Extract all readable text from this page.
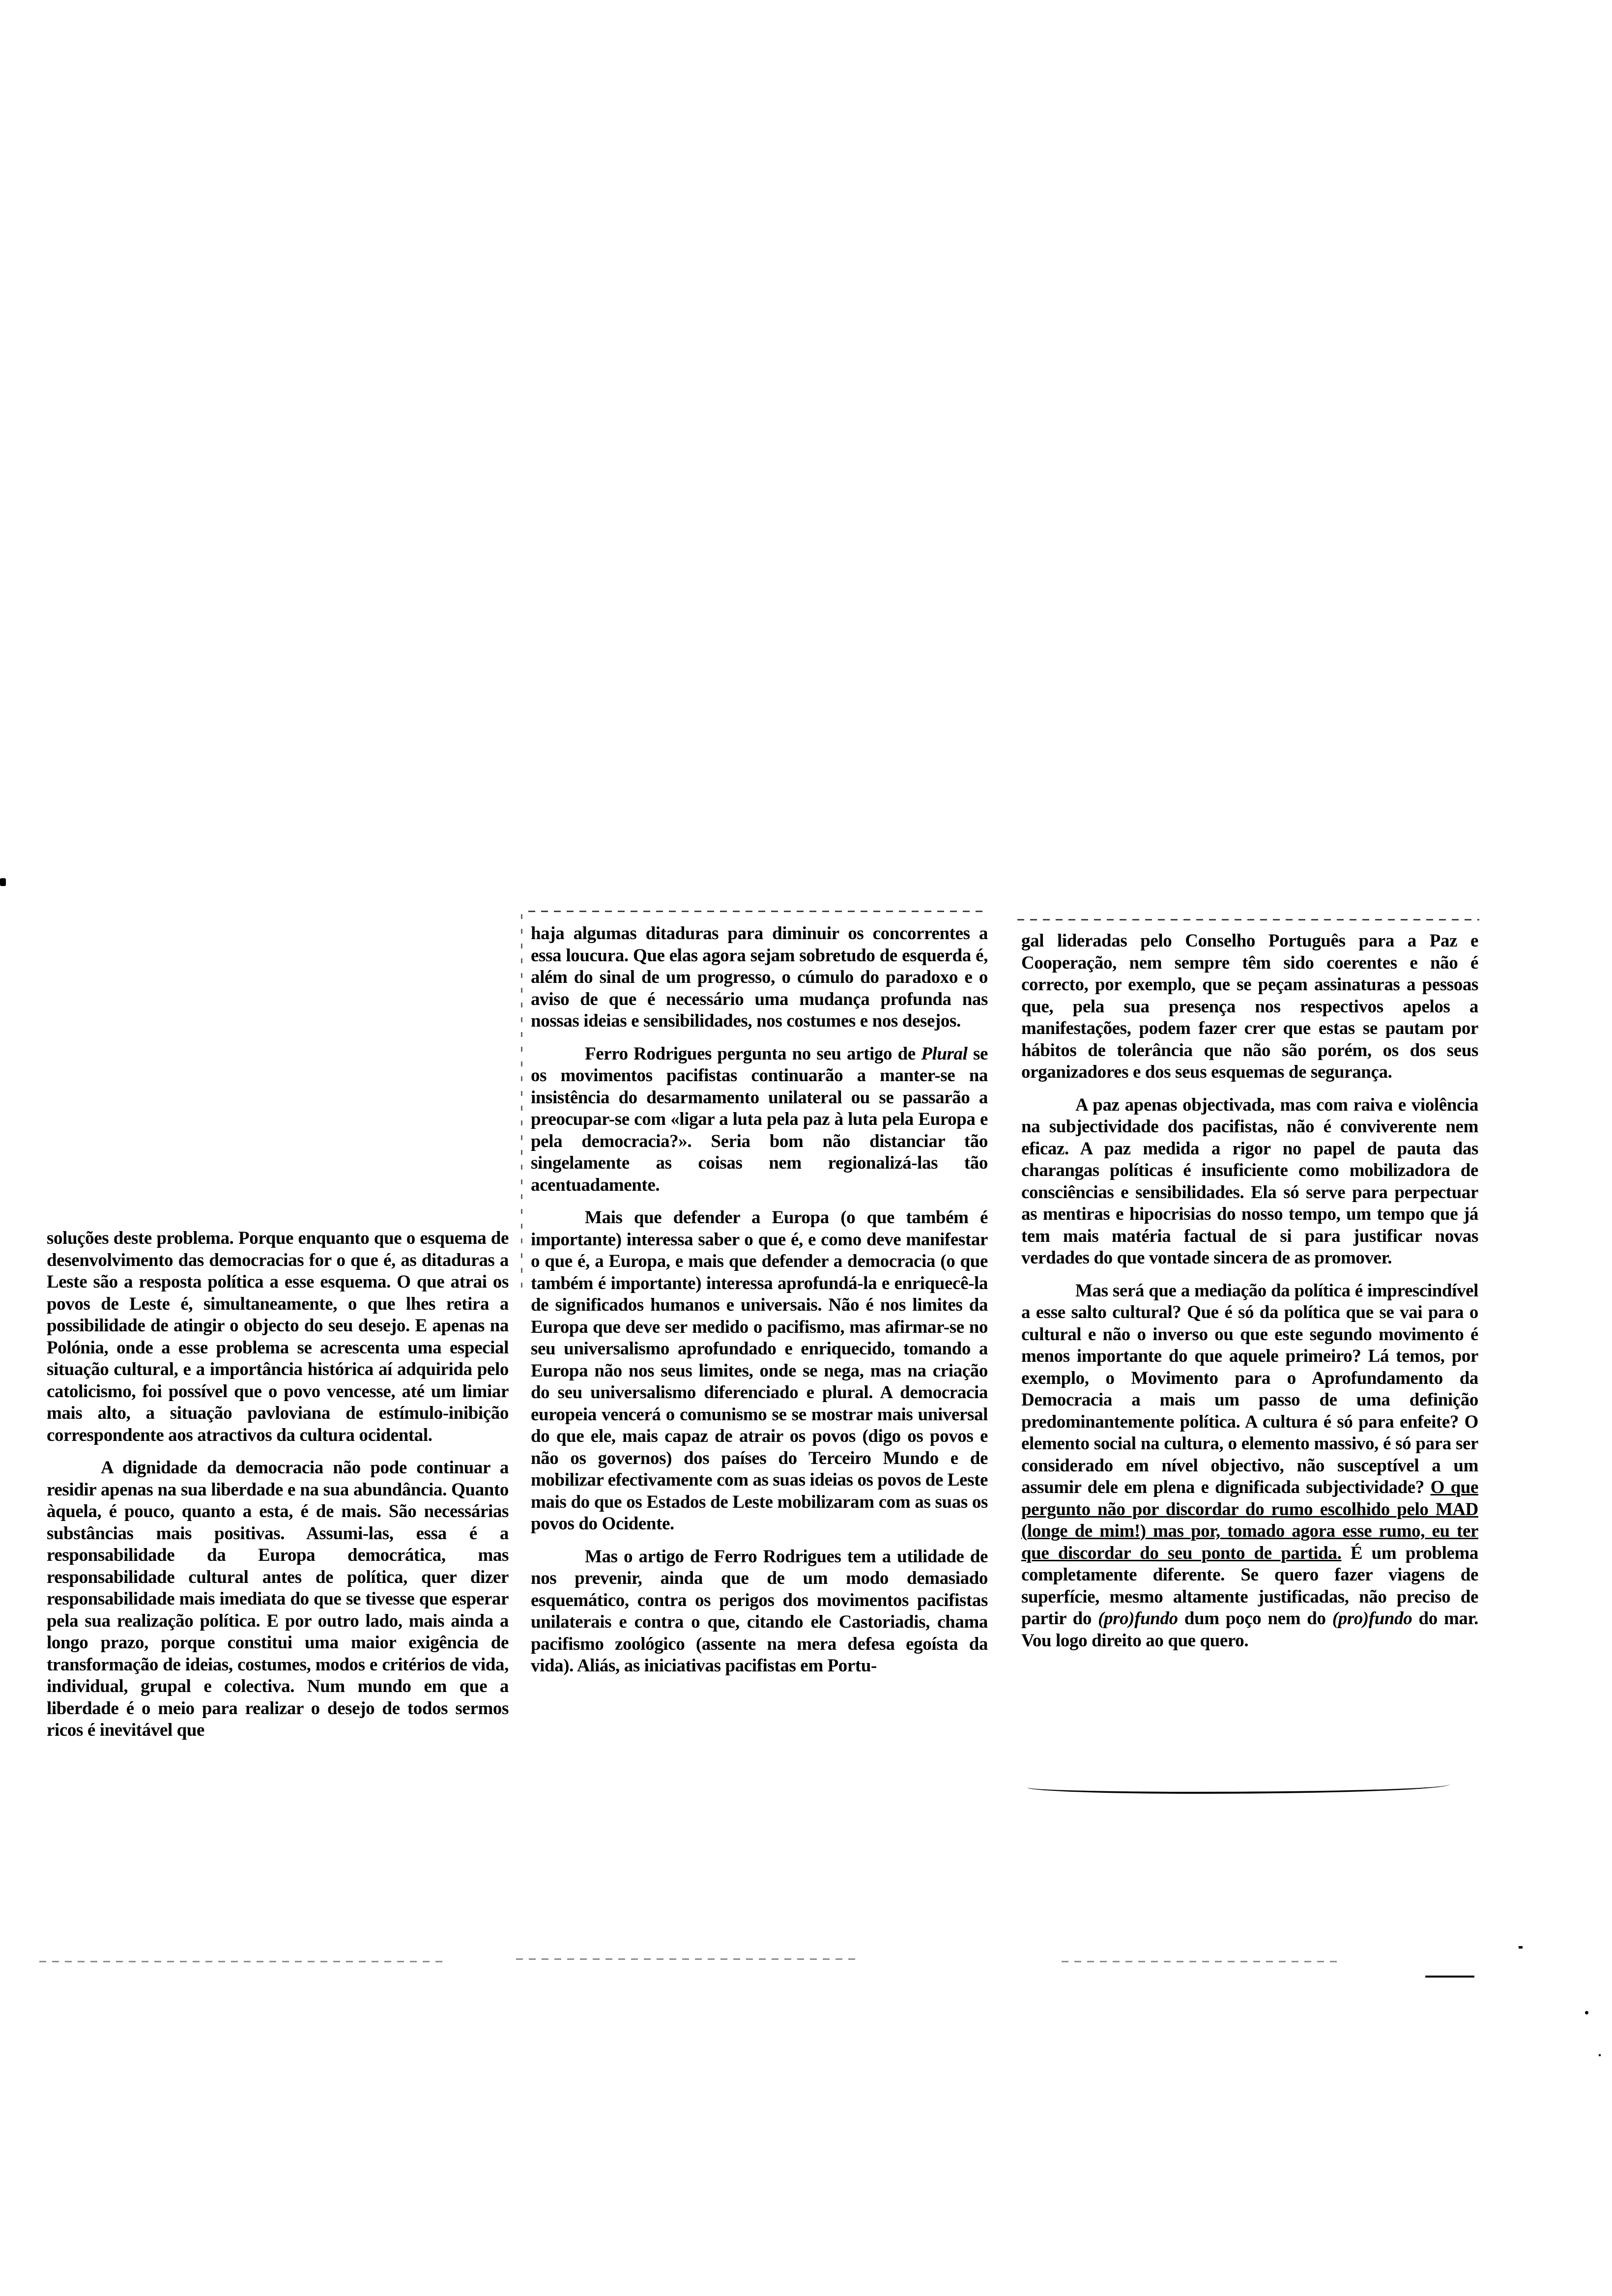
soluções deste problema. Porque enquanto que o esquema de desenvolvimento das democracias for o que é, as ditaduras a Leste são a resposta política a esse esquema. O que atrai os povos de Leste é, simultaneamente, o que lhes retira a possibilidade de atingir o objecto do seu desejo. E apenas na Polónia, onde a esse problema se acrescenta uma especial situação cultural, e a importância histórica aí adquirida pelo catolicismo, foi possível que o povo vencesse, até um limiar mais alto, a situação pavloviana de estímulo-inibição correspondente aos atractivos da cultura ocidental.

A dignidade da democracia não pode continuar a residir apenas na sua liberdade e na sua abundância. Quanto àquela, é pouco, quanto a esta, é de mais. São necessárias substâncias mais positivas. Assumi-las, essa é a responsabilidade da Europa democrática, mas responsabilidade cultural antes de política, quer dizer responsabilidade mais imediata do que se tivesse que esperar pela sua realização política. E por outro lado, mais ainda a longo prazo, porque constitui uma maior exigência de transformação de ideias, costumes, modos e critérios de vida, individual, grupal e colectiva. Num mundo em que a liberdade é o meio para realizar o desejo de todos sermos ricos é inevitável que

haja algumas ditaduras para diminuir os concorrentes a essa loucura. Que elas agora sejam sobretudo de esquerda é, além do sinal de um progresso, o cúmulo do paradoxo e o aviso de que é necessário uma mudança profunda nas nossas ideias e sensibilidades, nos costumes e nos desejos.

Ferro Rodrigues pergunta no seu artigo de Plural se os movimentos pacifistas continuarão a manter-se na insistência do desarmamento unilateral ou se passarão a preocupar-se com «ligar a luta pela paz à luta pela Europa e pela democracia?». Seria bom não distanciar tão singelamente as coisas nem regionalizá-las tão acentuadamente.

Mais que defender a Europa (o que também é importante) interessa saber o que é, e como deve manifestar o que é, a Europa, e mais que defender a democracia (o que também é importante) interessa aprofundá-la e enriquecê-la de significados humanos e universais. Não é nos limites da Europa que deve ser medido o pacifismo, mas afirmar-se no seu universalismo aprofundado e enriquecido, tomando a Europa não nos seus limites, onde se nega, mas na criação do seu universalismo diferenciado e plural. A democracia europeia vencerá o comunismo se se mostrar mais universal do que ele, mais capaz de atrair os povos (digo os povos e não os governos) dos países do Terceiro Mundo e de mobilizar efectivamente com as suas ideias os povos de Leste mais do que os Estados de Leste mobilizaram com as suas os povos do Ocidente.

Mas o artigo de Ferro Rodrigues tem a utilidade de nos prevenir, ainda que de um modo demasiado esquemático, contra os perigos dos movimentos pacifistas unilaterais e contra o que, citando ele Castoriadis, chama pacifismo zoológico (assente na mera defesa egoísta da vida). Aliás, as iniciativas pacifistas em Portu-

gal lideradas pelo Conselho Português para a Paz e Cooperação, nem sempre têm sido coerentes e não é correcto, por exemplo, que se peçam assinaturas a pessoas que, pela sua presença nos respectivos apelos a manifestações, podem fazer crer que estas se pautam por hábitos de tolerância que não são porém, os dos seus organizadores e dos seus esquemas de segurança.

A paz apenas objectivada, mas com raiva e violência na subjectividade dos pacifistas, não é conviverente nem eficaz. A paz medida a rigor no papel de pauta das charangas políticas é insuficiente como mobilizadora de consciências e sensibilidades. Ela só serve para perpectuar as mentiras e hipocrisias do nosso tempo, um tempo que já tem mais matéria factual de si para justificar novas verdades do que vontade sincera de as promover.

Mas será que a mediação da política é imprescindível a esse salto cultural? Que é só da política que se vai para o cultural e não o inverso ou que este segundo movimento é menos importante do que aquele primeiro? Lá temos, por exemplo, o Movimento para o Aprofundamento da Democracia a mais um passo de uma definição predominantemente política. A cultura é só para enfeite? O elemento social na cultura, o elemento massivo, é só para ser considerado em nível objectivo, não susceptível a um assumir dele em plena e dignificada subjectividade? O que pergunto não por discordar do rumo escolhido pelo MAD (longe de mim!) mas por, tomado agora esse rumo, eu ter que discordar do seu ponto de partida. É um problema completamente diferente. Se quero fazer viagens de superfície, mesmo altamente justificadas, não preciso de partir do (pro)fundo dum poço nem do (pro)fundo do mar. Vou logo direito ao que quero.
